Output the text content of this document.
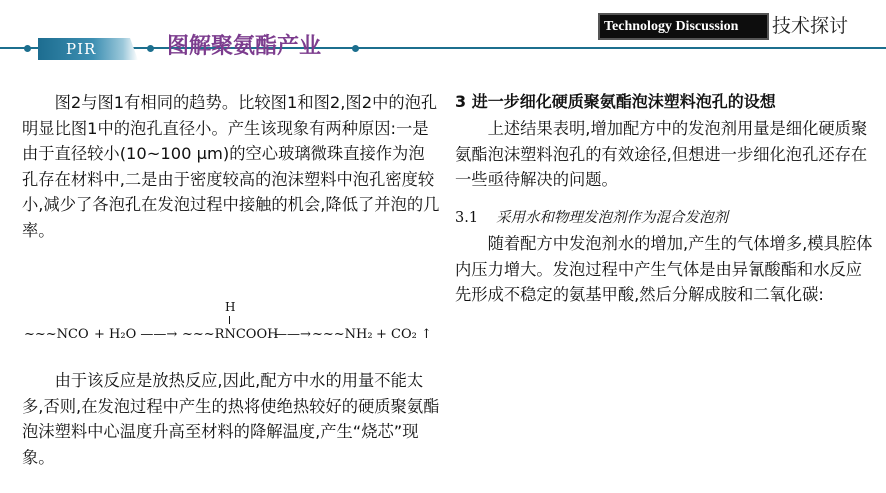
PIR	图解聚氨酯产业
Technology Discussion 技术探讨

图2与图1有相同的趋势。比较图1和图2,图2中的泡孔明显比图1中的泡孔直径小。产生该现象有两种原因:一是由于直径较小(10~100 μm)的空心玻璃微珠直接作为泡孔存在材料中,二是由于密度较高的泡沫塑料中泡孔密度较小,减少了各泡孔在发泡过程中接触的机会,降低了并泡的几率。

H
~~~NCO + H₂O ——→ ~~~RNCOOH
——→ ~~~NH₂ + CO₂ ↑

由于该反应是放热反应,因此,配方中水的用量不能太多,否则,在发泡过程中产生的热将使绝热较好的硬质聚氨酯泡沫塑料中心温度升高至材料的降解温度,产生“烧芯”现象。

3 进一步细化硬质聚氨酯泡沫塑料泡孔的设想

上述结果表明,增加配方中的发泡剂用量是细化硬质聚氨酯泡沫塑料泡孔的有效途径,但想进一步细化泡孔还存在一些亟待解决的问题。

3.1 采用水和物理发泡剂作为混合发泡剂

随着配方中发泡剂水的增加,产生的气体增多,模具腔体内压力增大。发泡过程中产生气体是由异氰酸酯和水反应先形成不稳定的氨基甲酸,然后分解成胺和二氧化碳:
